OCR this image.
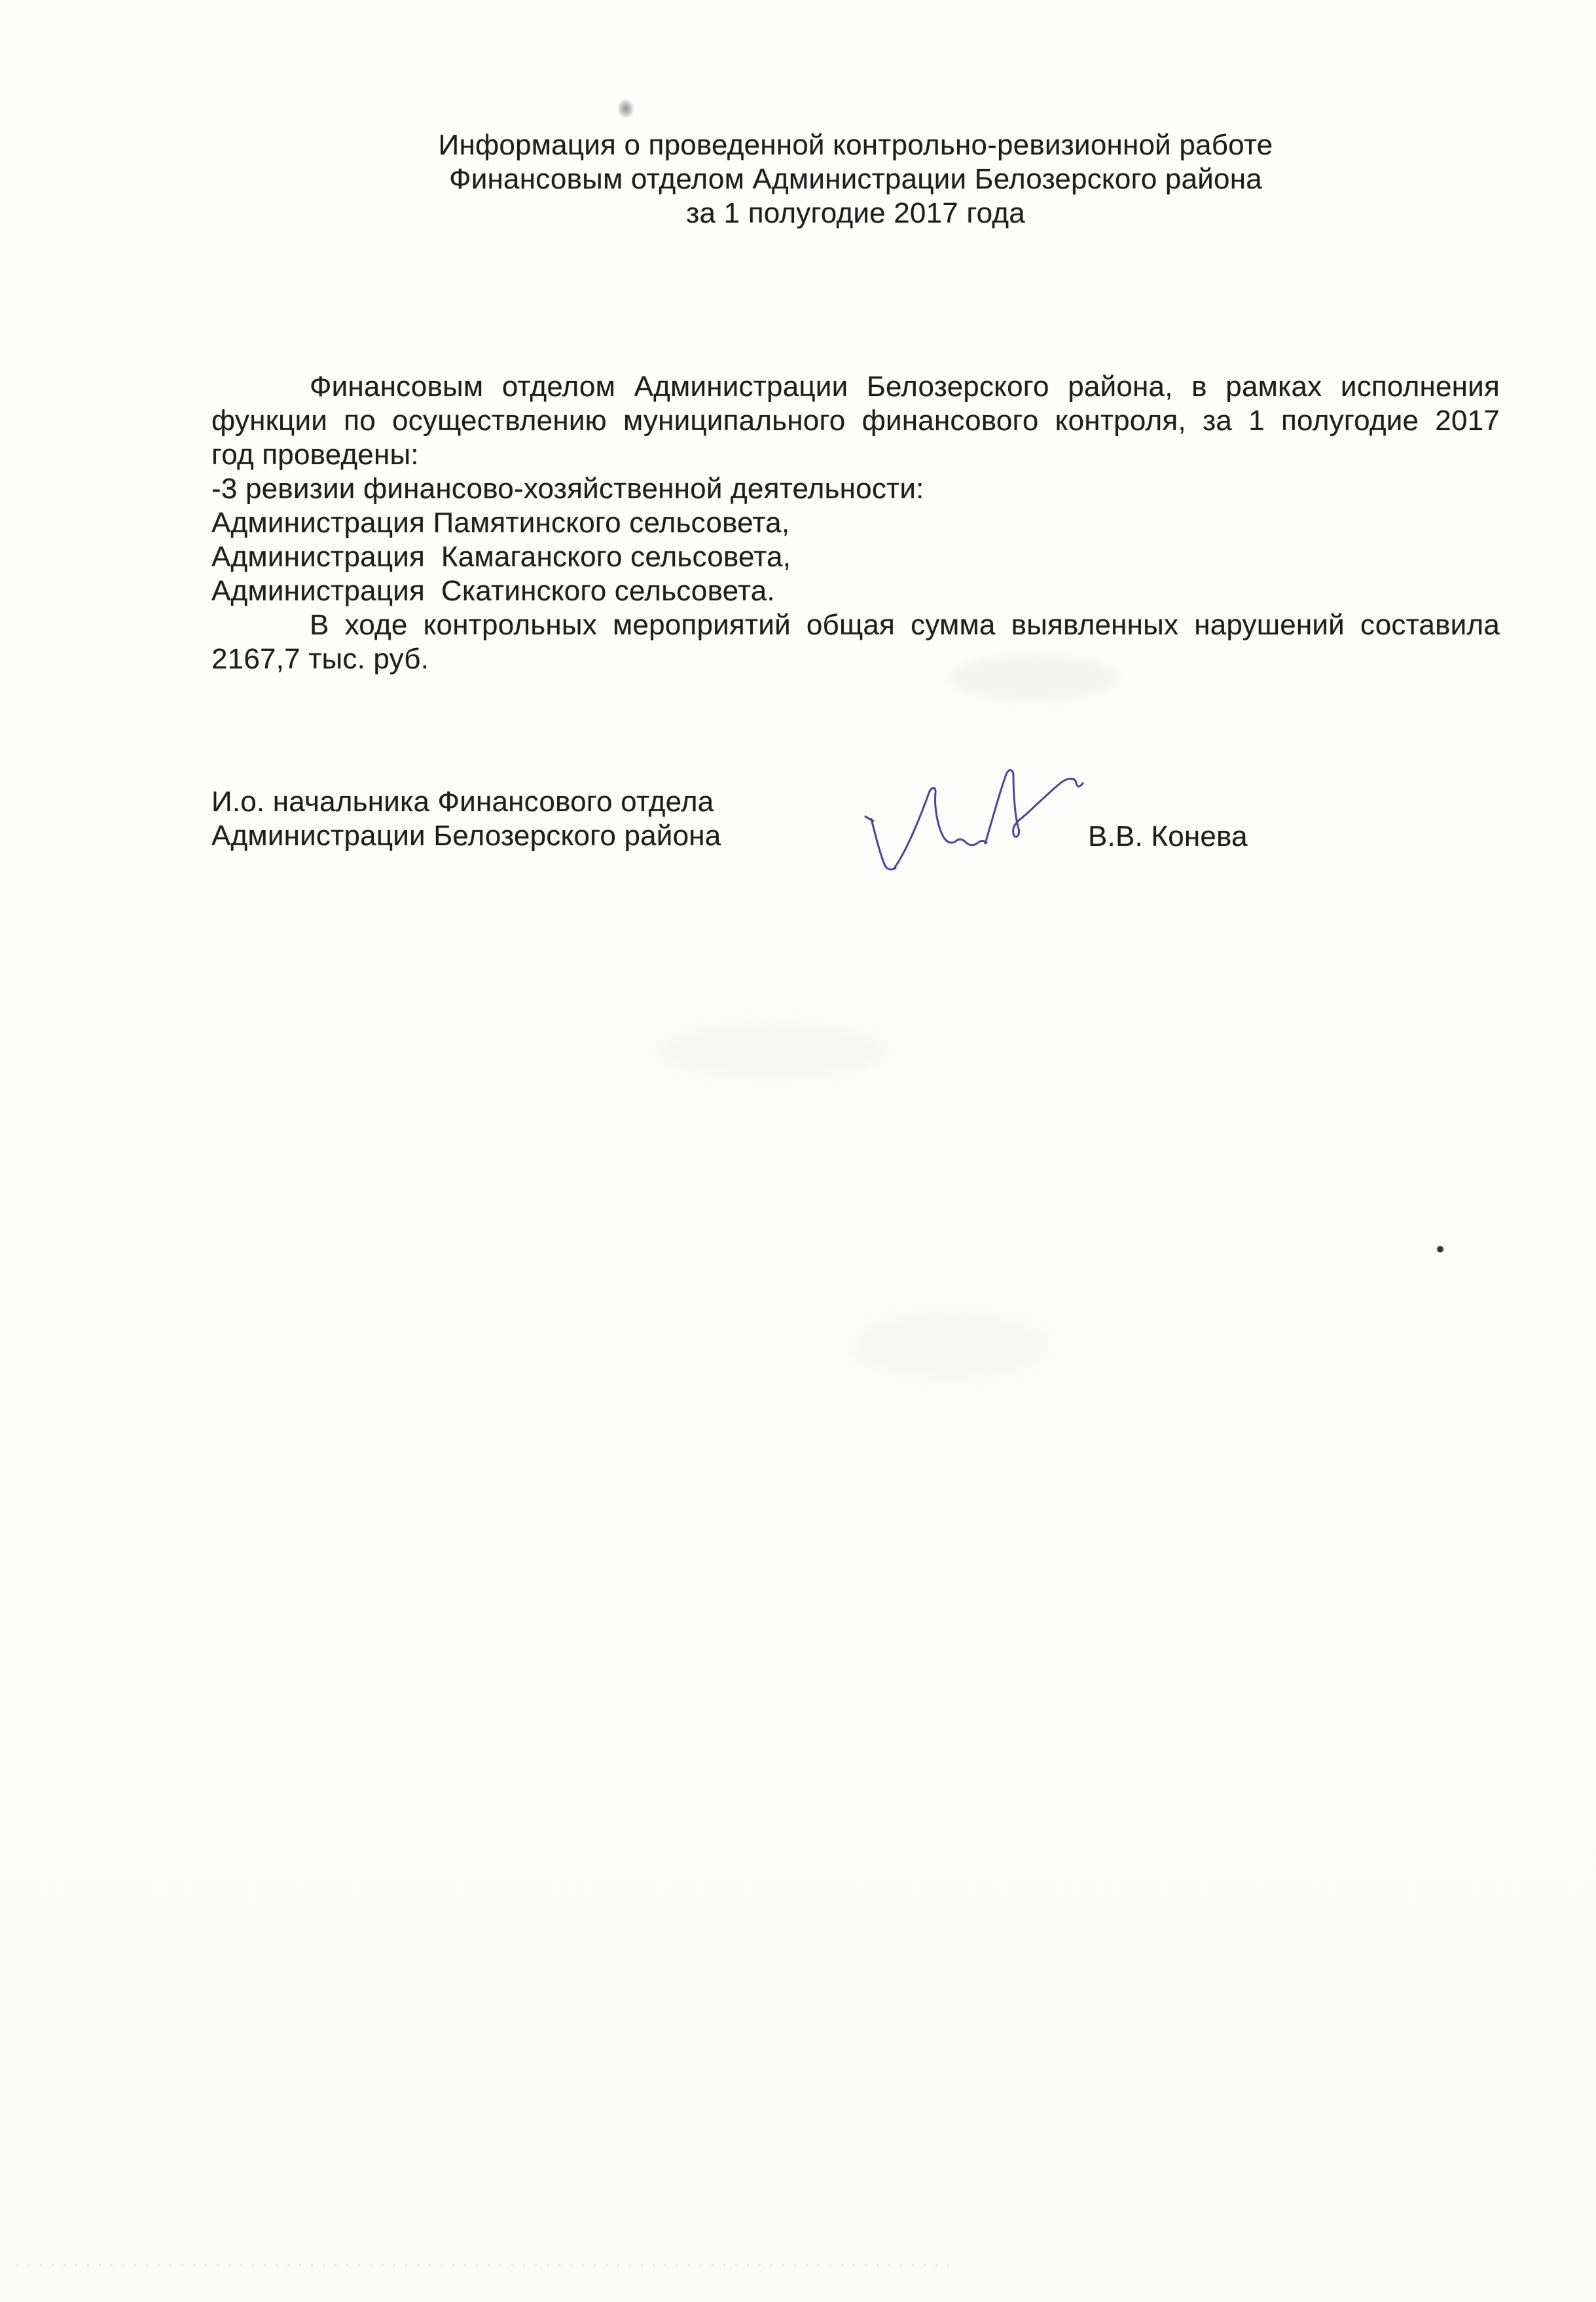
Информация о проведенной контрольно-ревизионной работе
Финансовым отделом Администрации Белозерского района
за 1 полугодие 2017 года
Финансовым отделом Администрации Белозерского района, в рамках исполнения
функции по осуществлению муниципального финансового контроля, за 1 полугодие 2017
год проведены:
-3 ревизии финансово-хозяйственной деятельности:
Администрация Памятинского сельсовета,
Администрация  Камаганского сельсовета,
Администрация  Скатинского сельсовета.
В ходе контрольных мероприятий общая сумма выявленных нарушений составила
2167,7 тыс. руб.
И.о. начальника Финансового отдела
Администрации Белозерского района	В.В. Конева
